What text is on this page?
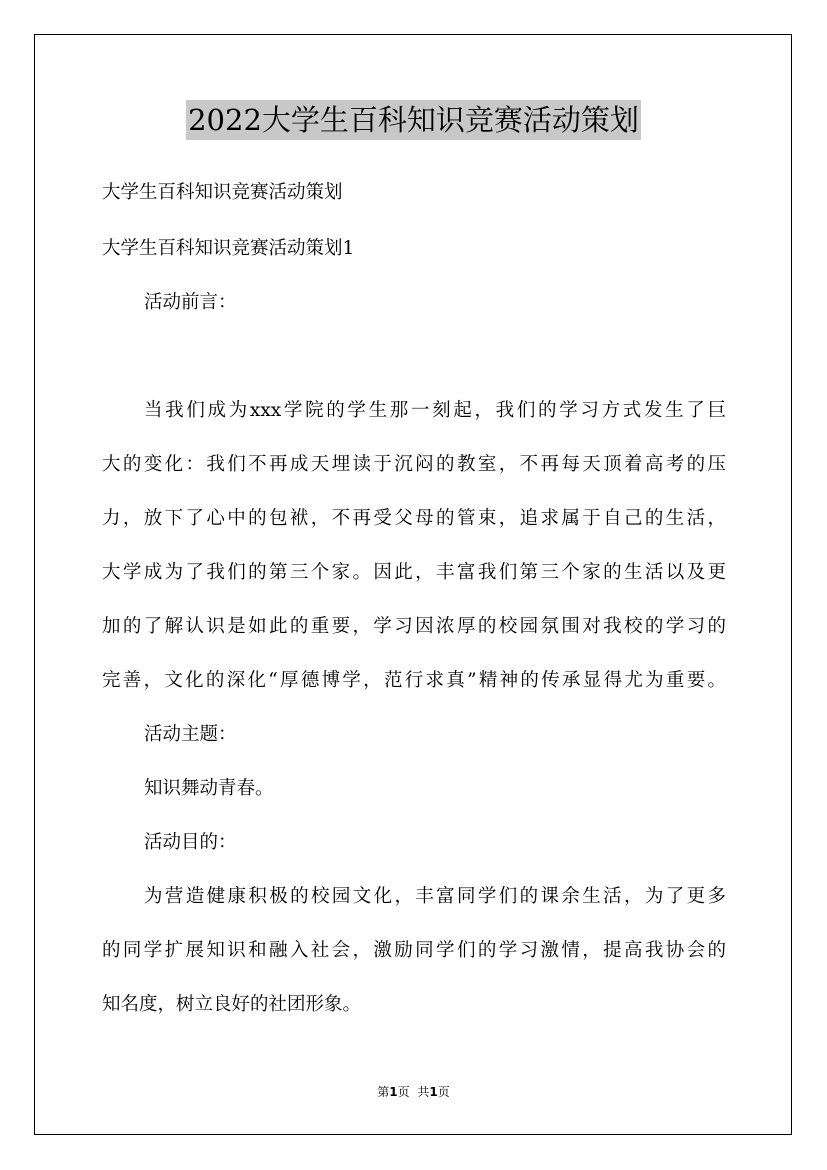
2022大学生百科知识竞赛活动策划
大学生百科知识竞赛活动策划
大学生百科知识竞赛活动策划1
活动前言：
当我们成为xxx学院的学生那一刻起，我们的学习方式发生了巨
大的变化：我们不再成天埋读于沉闷的教室，不再每天顶着高考的压
力，放下了心中的包袱，不再受父母的管束，追求属于自己的生活，
大学成为了我们的第三个家。因此，丰富我们第三个家的生活以及更
加的了解认识是如此的重要，学习因浓厚的校园氛围对我校的学习的
完善，文化的深化“厚德博学，范行求真”精神的传承显得尤为重要。
活动主题：
知识舞动青春。
活动目的：
为营造健康积极的校园文化，丰富同学们的课余生活，为了更多
的同学扩展知识和融入社会，激励同学们的学习激情，提高我协会的
知名度，树立良好的社团形象。
第1页 共1页
